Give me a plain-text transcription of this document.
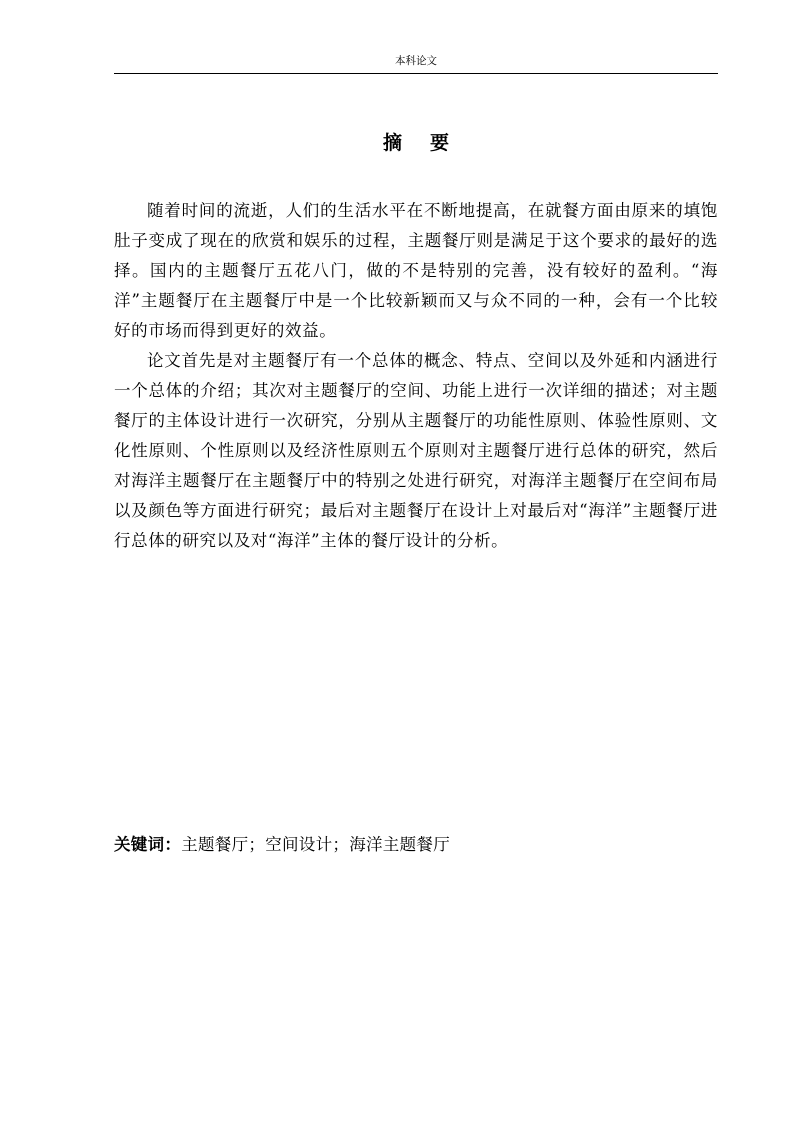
本科论文
摘要

随着时间的流逝，人们的生活水平在不断地提高，在就餐方面由原来的填饱肚子变成了现在的欣赏和娱乐的过程，主题餐厅则是满足于这个要求的最好的选择。国内的主题餐厅五花八门，做的不是特别的完善，没有较好的盈利。“海洋”主题餐厅在主题餐厅中是一个比较新颖而又与众不同的一种，会有一个比较好的市场而得到更好的效益。

论文首先是对主题餐厅有一个总体的概念、特点、空间以及外延和内涵进行一个总体的介绍；其次对主题餐厅的空间、功能上进行一次详细的描述；对主题餐厅的主体设计进行一次研究，分别从主题餐厅的功能性原则、体验性原则、文化性原则、个性原则以及经济性原则五个原则对主题餐厅进行总体的研究，然后对海洋主题餐厅在主题餐厅中的特别之处进行研究，对海洋主题餐厅在空间布局以及颜色等方面进行研究；最后对主题餐厅在设计上对最后对“海洋”主题餐厅进行总体的研究以及对“海洋”主体的餐厅设计的分析。

关键词：主题餐厅；空间设计；海洋主题餐厅
